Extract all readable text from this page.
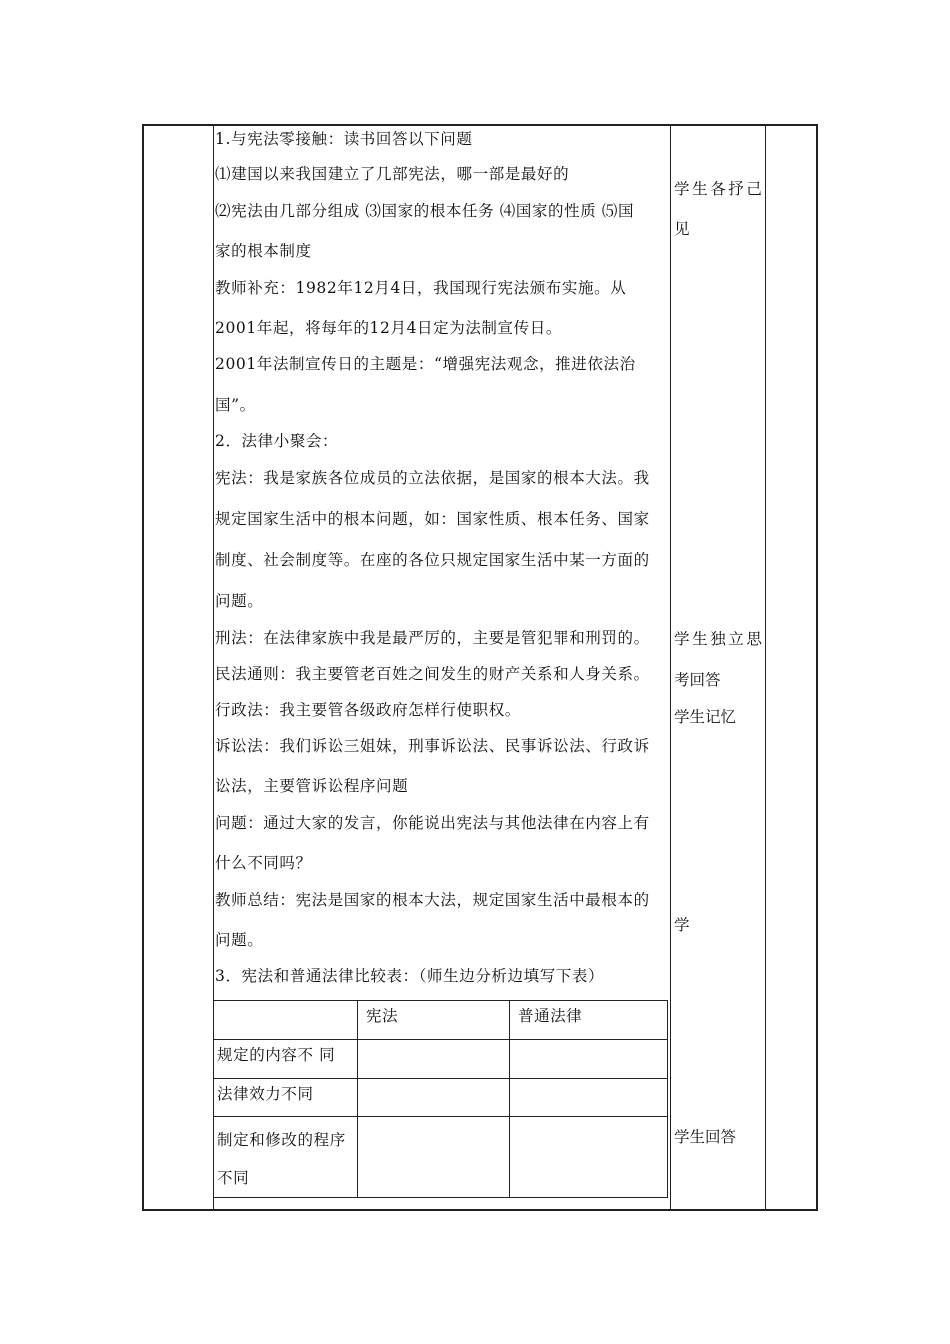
1.与宪法零接触：读书回答以下问题
⑴建国以来我国建立了几部宪法，哪一部是最好的
⑵宪法由几部分组成 ⑶国家的根本任务 ⑷国家的性质 ⑸国
家的根本制度
教师补充：1982年12月4日，我国现行宪法颁布实施。从
2001年起，将每年的12月4日定为法制宣传日。
2001年法制宣传日的主题是：“增强宪法观念，推进依法治
国”。
2．法律小聚会：
宪法：我是家族各位成员的立法依据，是国家的根本大法。我
规定国家生活中的根本问题，如：国家性质、根本任务、国家
制度、社会制度等。在座的各位只规定国家生活中某一方面的
问题。
刑法：在法律家族中我是最严厉的，主要是管犯罪和刑罚的。
民法通则：我主要管老百姓之间发生的财产关系和人身关系。
行政法：我主要管各级政府怎样行使职权。
诉讼法：我们诉讼三姐妹，刑事诉讼法、民事诉讼法、行政诉
讼法，主要管诉讼程序问题
问题：通过大家的发言，你能说出宪法与其他法律在内容上有
什么不同吗？
教师总结：宪法是国家的根本大法，规定国家生活中最根本的
问题。
3．宪法和普通法律比较表：（师生边分析边填写下表）
	宪法	普通法律
规定的内容不 同		
法律效力不同		
制定和修改的程序不同		
学生各抒己
见
学生独立思
考回答
学生记忆
学
学生回答
